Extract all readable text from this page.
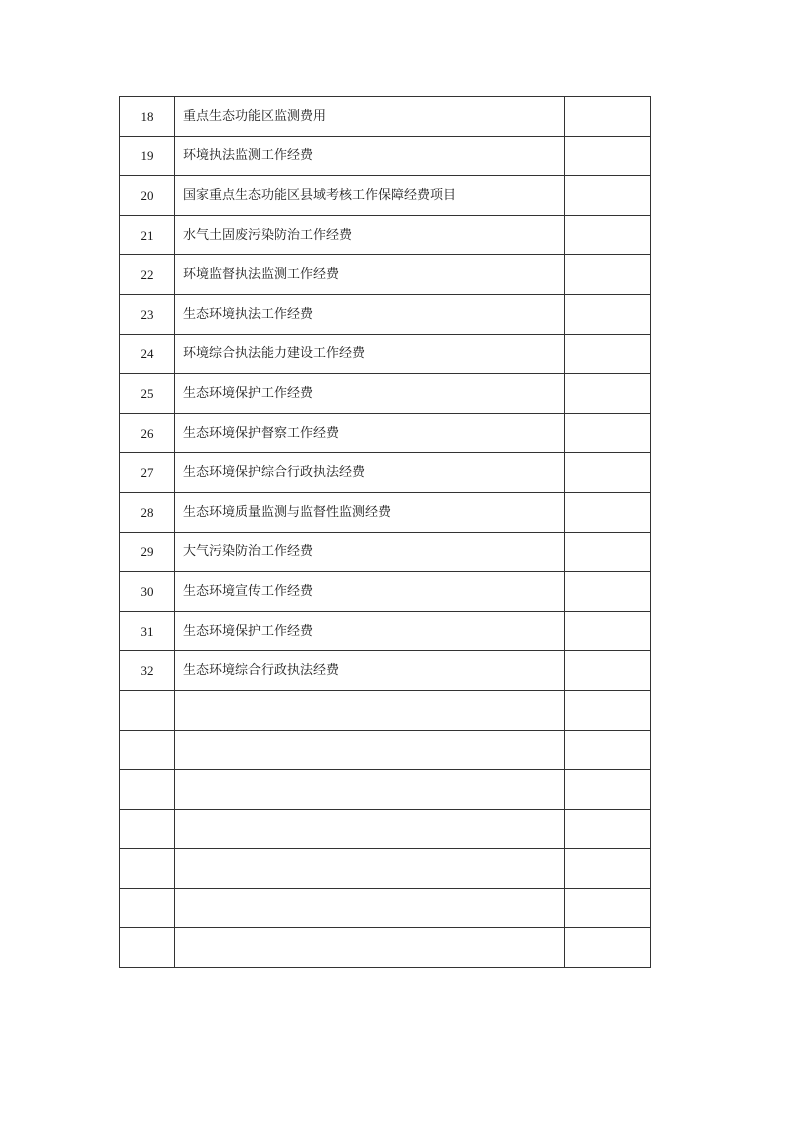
18	重点生态功能区监测费用	
19	环境执法监测工作经费	
20	国家重点生态功能区县域考核工作保障经费项目	
21	水气土固废污染防治工作经费	
22	环境监督执法监测工作经费	
23	生态环境执法工作经费	
24	环境综合执法能力建设工作经费	
25	生态环境保护工作经费	
26	生态环境保护督察工作经费	
27	生态环境保护综合行政执法经费	
28	生态环境质量监测与监督性监测经费	
29	大气污染防治工作经费	
30	生态环境宣传工作经费	
31	生态环境保护工作经费	
32	生态环境综合行政执法经费	
